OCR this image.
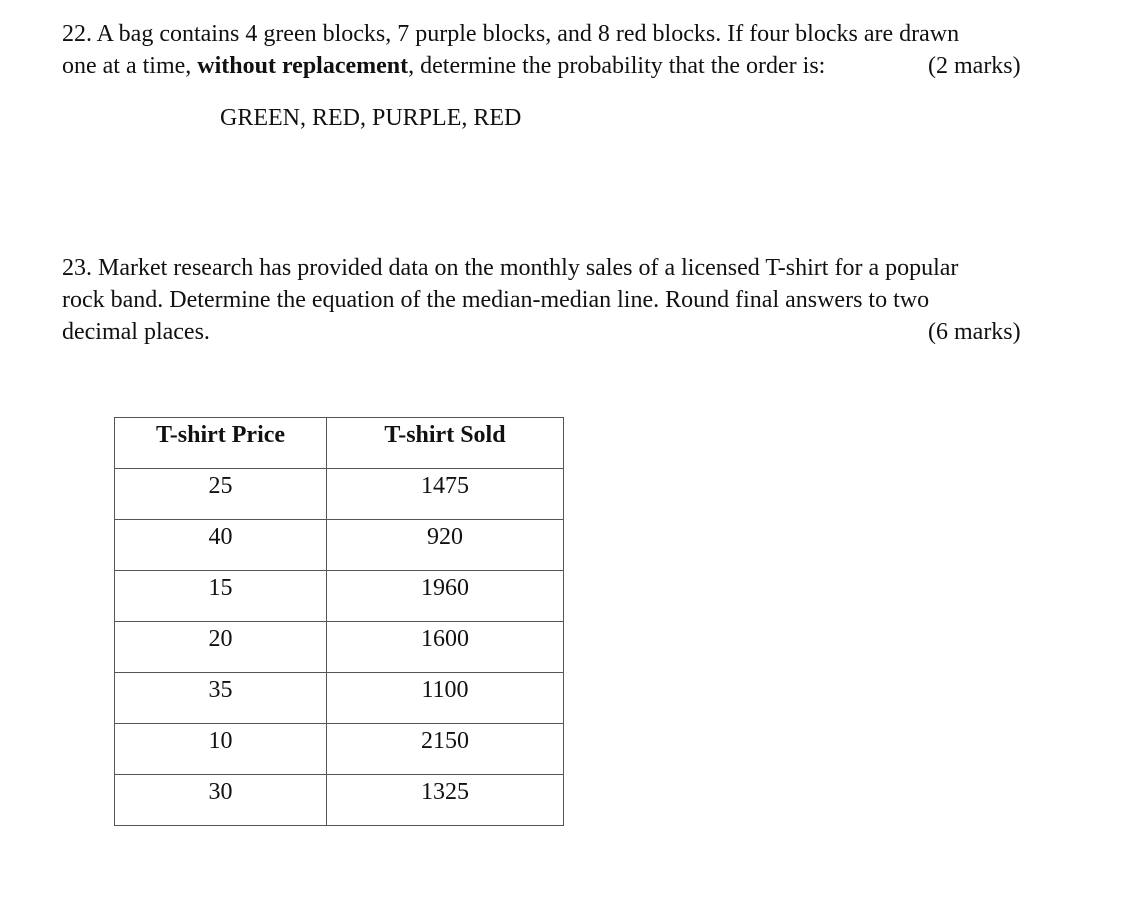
22. A bag contains 4 green blocks, 7 purple blocks, and 8 red blocks. If four blocks are drawn
one at a time, without replacement, determine the probability that the order is:	(2 marks)
GREEN, RED, PURPLE, RED
23. Market research has provided data on the monthly sales of a licensed T-shirt for a popular
rock band. Determine the equation of the median-median line. Round final answers to two
decimal places.	(6 marks)
T-shirt Price	T-shirt Sold
25	1475
40	920
15	1960
20	1600
35	1100
10	2150
30	1325
